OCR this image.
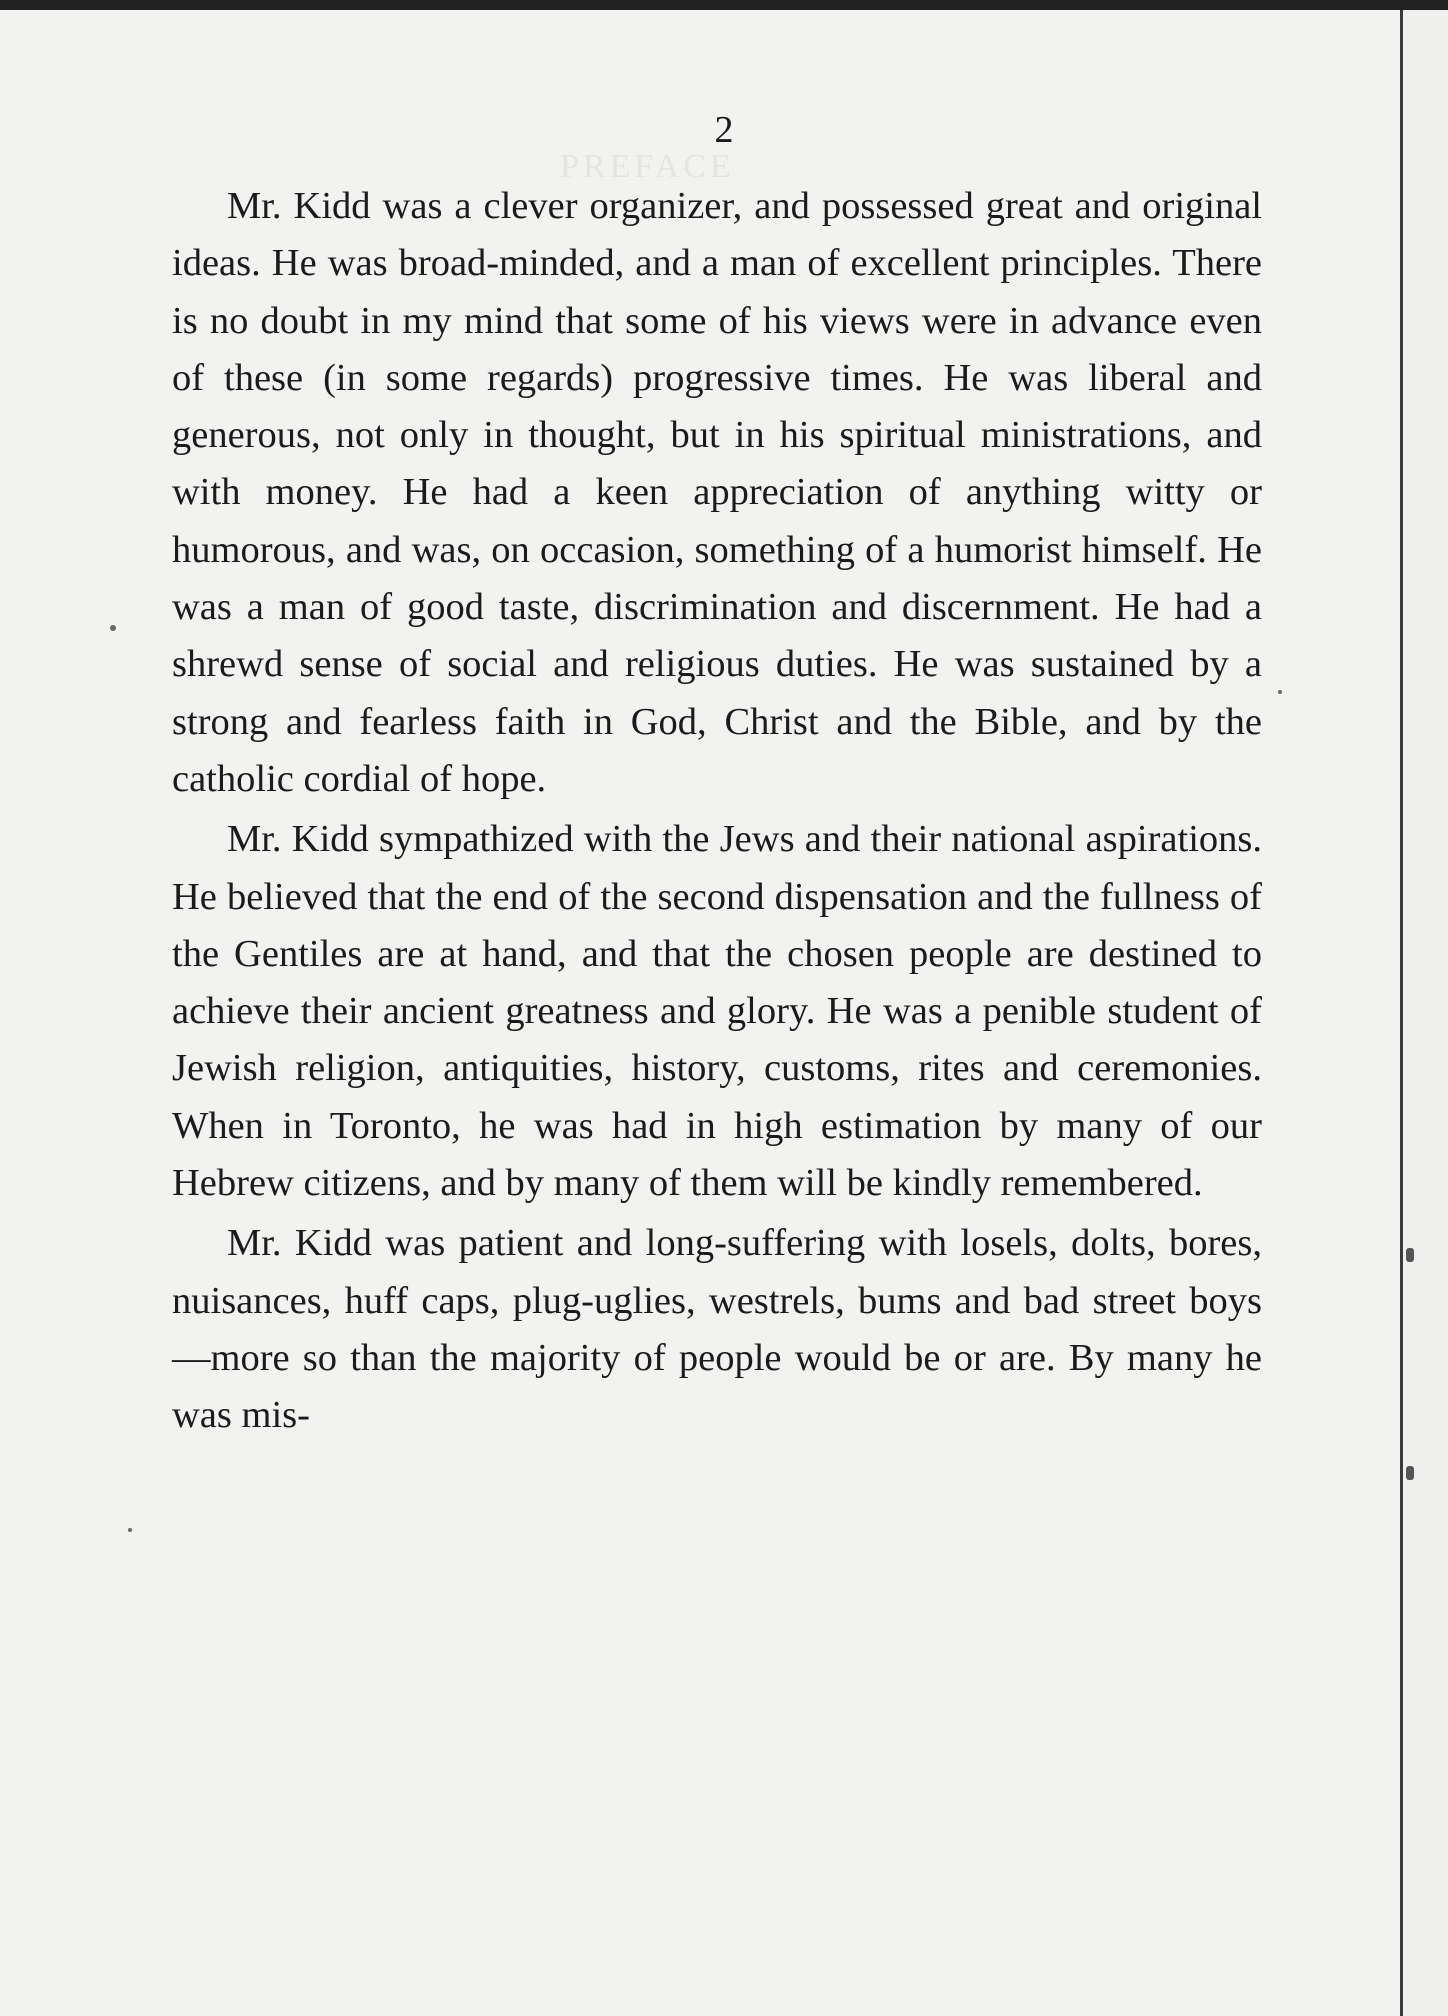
PREFACE
2

Mr. Kidd was a clever organizer, and possessed great and original ideas. He was broad-minded, and a man of excellent principles. There is no doubt in my mind that some of his views were in advance even of these (in some regards) progressive times. He was liberal and generous, not only in thought, but in his spiritual ministrations, and with money. He had a keen appreciation of anything witty or humorous, and was, on occasion, something of a humorist himself. He was a man of good taste, discrimination and discernment. He had a shrewd sense of social and religious duties. He was sustained by a strong and fearless faith in God, Christ and the Bible, and by the catholic cordial of hope.

Mr. Kidd sympathized with the Jews and their national aspirations. He believed that the end of the second dispensation and the fullness of the Gentiles are at hand, and that the chosen people are destined to achieve their ancient greatness and glory. He was a penible student of Jewish religion, antiquities, history, customs, rites and ceremonies. When in Toronto, he was had in high estimation by many of our Hebrew citizens, and by many of them will be kindly remembered.

Mr. Kidd was patient and long-suffering with losels, dolts, bores, nuisances, huff caps, plug-uglies, westrels, bums and bad street boys—more so than the majority of people would be or are. By many he was mis-
